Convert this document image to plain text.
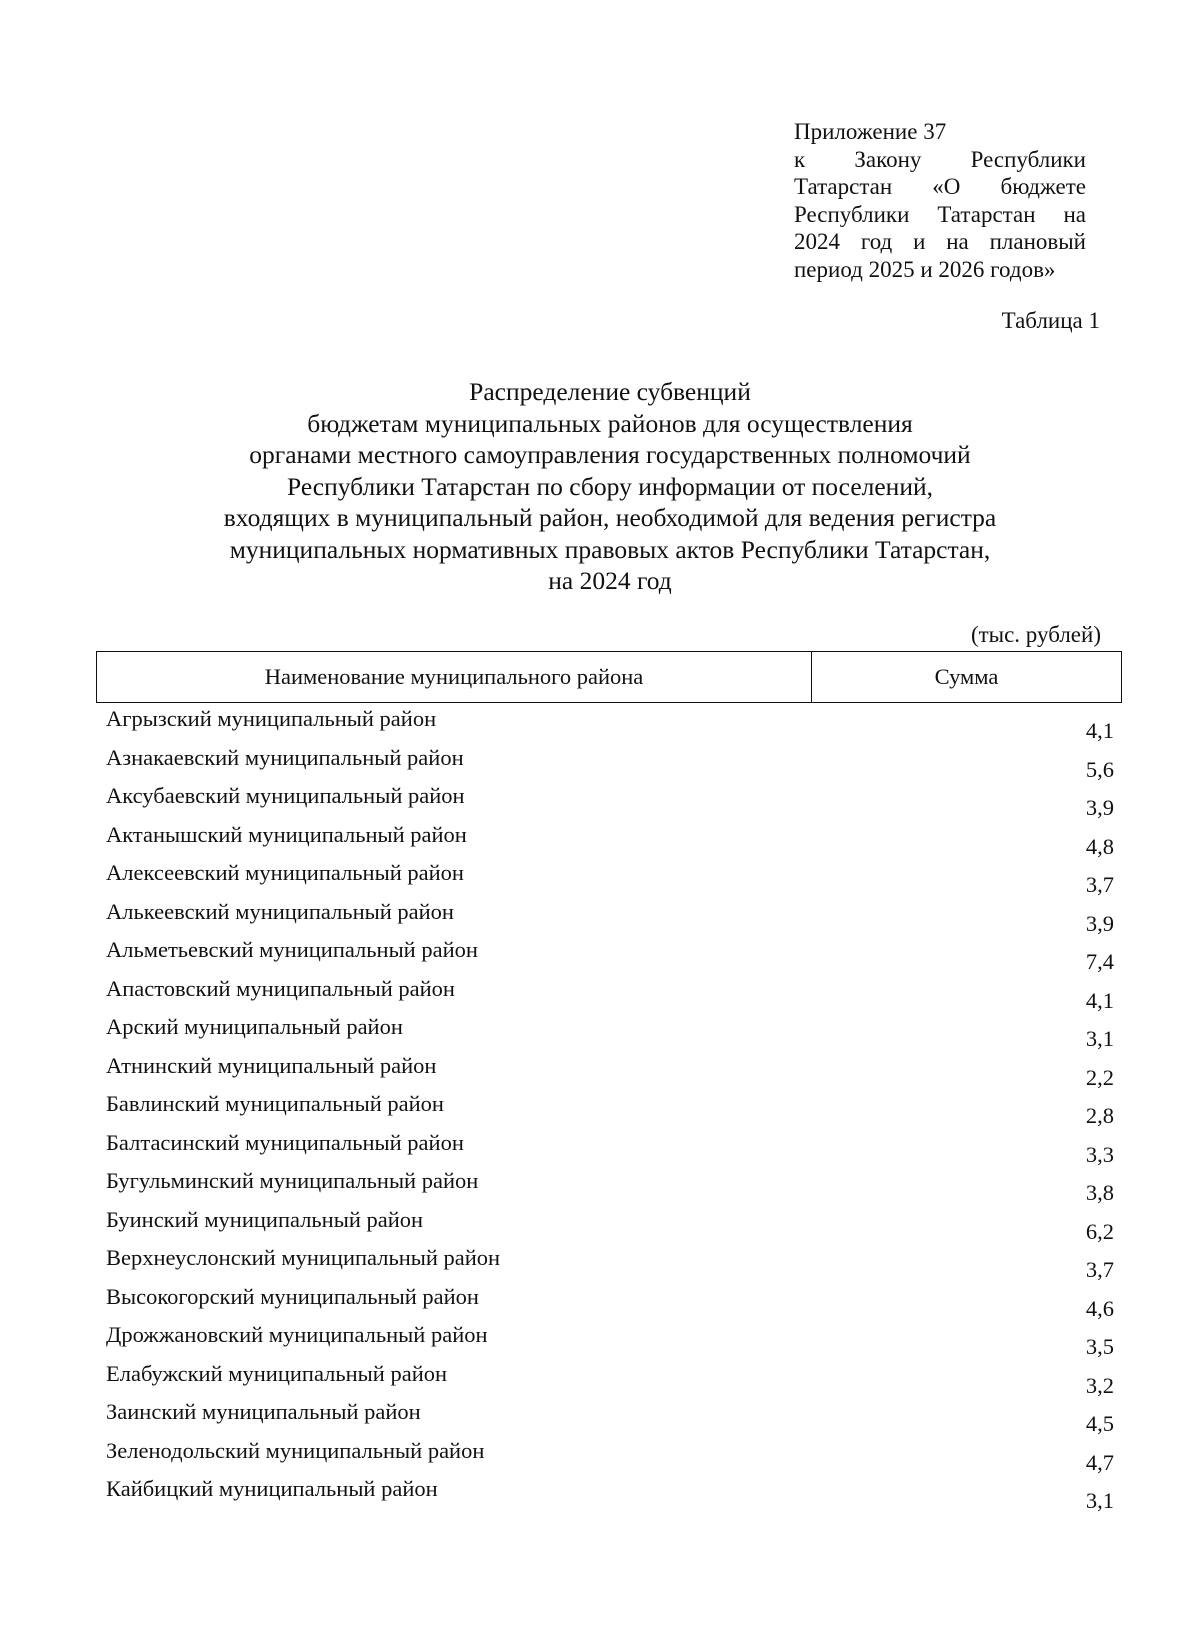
Приложение 37
к Закону Республики
Татарстан «О бюджете
Республики Татарстан на
2024 год и на плановый
период 2025 и 2026 годов»
Таблица 1
Распределение субвенций
бюджетам муниципальных районов для осуществления
органами местного самоуправления государственных полномочий
Республики Татарстан по сбору информации от поселений,
входящих в муниципальный район, необходимой для ведения регистра
муниципальных нормативных правовых актов Республики Татарстан,
на 2024 год
(тыс. рублей)
Наименование муниципального района	Сумма
Агрызский муниципальный район	4,1
Азнакаевский муниципальный район	5,6
Аксубаевский муниципальный район	3,9
Актанышский муниципальный район	4,8
Алексеевский муниципальный район	3,7
Алькеевский муниципальный район	3,9
Альметьевский муниципальный район	7,4
Апастовский муниципальный район	4,1
Арский муниципальный район	3,1
Атнинский муниципальный район	2,2
Бавлинский муниципальный район	2,8
Балтасинский муниципальный район	3,3
Бугульминский муниципальный район	3,8
Буинский муниципальный район	6,2
Верхнеуслонский муниципальный район	3,7
Высокогорский муниципальный район	4,6
Дрожжановский муниципальный район	3,5
Елабужский муниципальный район	3,2
Заинский муниципальный район	4,5
Зеленодольский муниципальный район	4,7
Кайбицкий муниципальный район	3,1
